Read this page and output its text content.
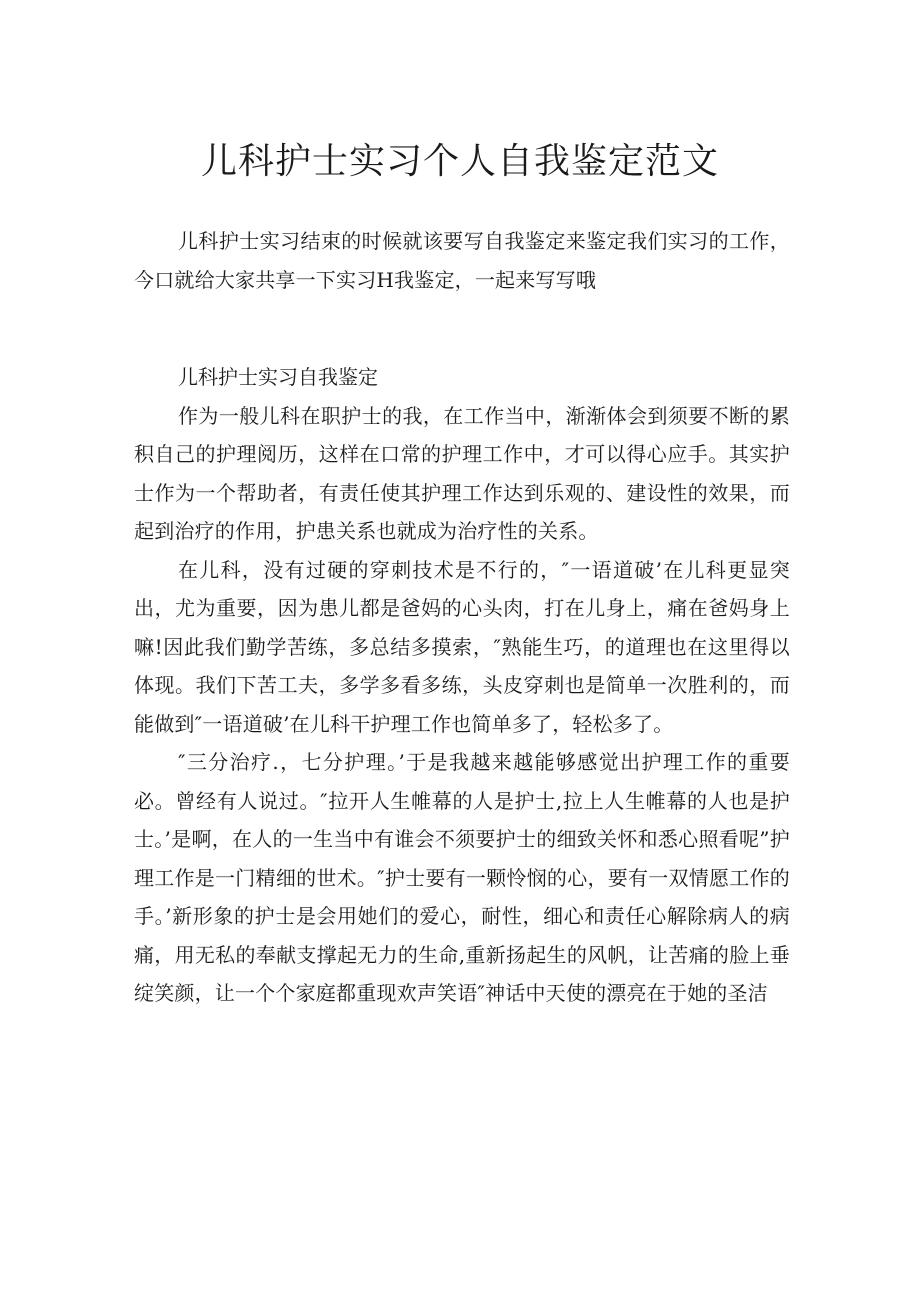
儿科护士实习个人自我鉴定范文

儿科护士实习结束的时候就该要写自我鉴定来鉴定我们实习的工作，今口就给大家共享一下实习H我鉴定，一起来写写哦

儿科护士实习自我鉴定

作为一般儿科在职护士的我，在工作当中，渐渐体会到须要不断的累积自己的护理阅历，这样在口常的护理工作中，才可以得心应手。其实护士作为一个帮助者，有责任使其护理工作达到乐观的、建设性的效果，而起到治疗的作用，护患关系也就成为治疗性的关系。

在儿科，没有过硬的穿刺技术是不行的，″一语道破’在儿科更显突出，尤为重要，因为患儿都是爸妈的心头肉，打在儿身上，痛在爸妈身上嘛!因此我们勤学苦练，多总结多摸索，″熟能生巧，的道理也在这里得以体现。我们下苦工夫，多学多看多练，头皮穿刺也是简单一次胜利的，而能做到″一语道破’在儿科干护理工作也简单多了，轻松多了。

″三分治疗.，七分护理。’于是我越来越能够感觉出护理工作的重要必。曾经有人说过。″拉开人生帷幕的人是护士,拉上人生帷幕的人也是护士。’是啊，在人的一生当中有谁会不须要护士的细致关怀和悉心照看呢”护理工作是一门精细的世术。″护士要有一颗怜悯的心，要有一双情愿工作的手。’新形象的护士是会用她们的爱心，耐性，细心和责任心解除病人的病痛，用无私的奉献支撑起无力的生命,重新扬起生的风帆，让苦痛的脸上垂绽笑颜，让一个个家庭都重现欢声笑语″神话中天使的漂亮在于她的圣洁
